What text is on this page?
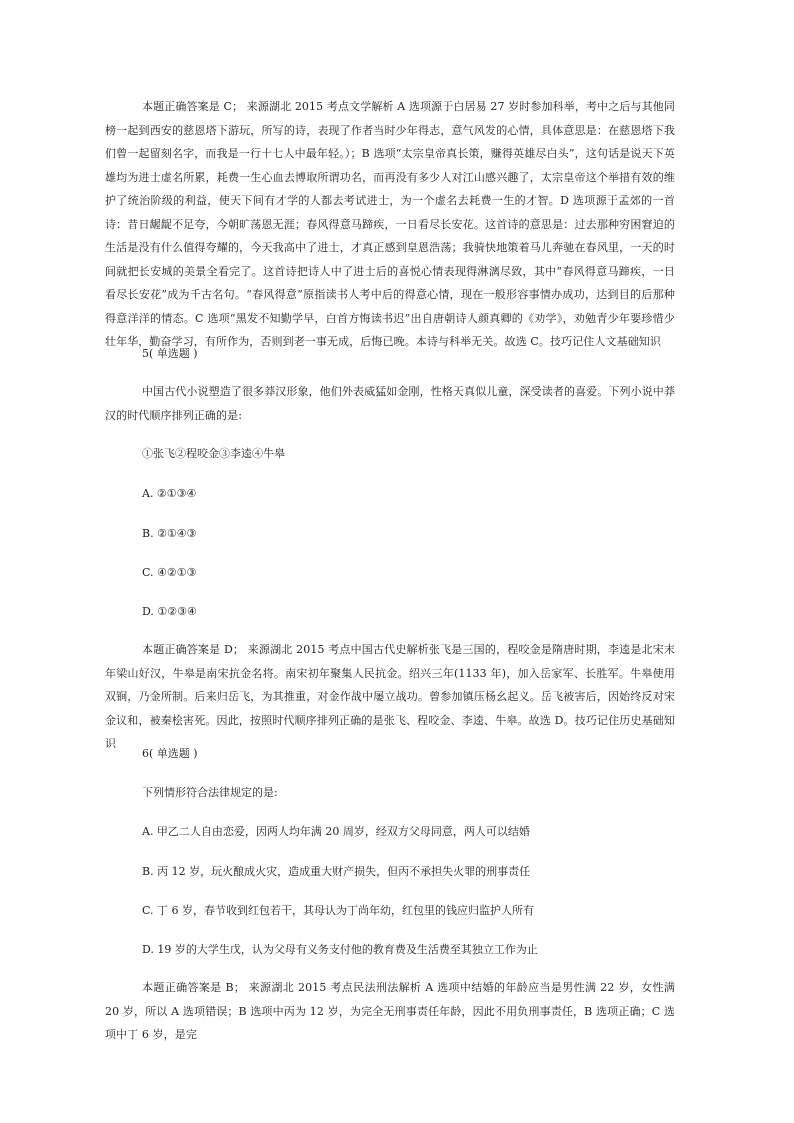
本题正确答案是 C； 来源湖北 2015 考点文学解析 A 选项源于白居易 27 岁时参加科举，考中之后与其他同榜一起到西安的慈恩塔下游玩，所写的诗，表现了作者当时少年得志，意气风发的心情，具体意思是：在慈恩塔下我们曾一起留刻名字，而我是一行十七人中最年轻。）；B 选项“太宗皇帝真长策，赚得英雄尽白头”，这句话是说天下英雄均为进士虚名所累，耗费一生心血去博取所谓功名，而再没有多少人对江山感兴趣了，太宗皇帝这个举措有效的维护了统治阶级的利益，使天下间有才学的人都去考试进士，为一个虚名去耗费一生的才智。D 选项源于孟郊的一首诗：昔日龌龊不足夸，今朝旷荡恩无涯；春风得意马蹄疾，一日看尽长安花。这首诗的意思是：过去那种穷困窘迫的生活是没有什么值得夸耀的，今天我高中了进士，才真正感到皇恩浩荡；我骑快地策着马儿奔驰在春风里，一天的时间就把长安城的美景全看完了。这首诗把诗人中了进士后的喜悦心情表现得淋漓尽致，其中“春风得意马蹄疾，一日看尽长安花”成为千古名句。“春风得意”原指读书人考中后的得意心情，现在一般形容事情办成功，达到目的后那种得意洋洋的情态。C 选项“黑发不知勤学早，白首方悔读书迟”出自唐朝诗人颜真卿的《劝学》，劝勉青少年要珍惜少壮年华，勤奋学习，有所作为，否则到老一事无成，后悔已晚。本诗与科举无关。故选 C。技巧记住人文基础知识

5( 单选题 )

中国古代小说塑造了很多莽汉形象，他们外表威猛如金刚，性格天真似儿童，深受读者的喜爱。下列小说中莽汉的时代顺序排列正确的是:

①张飞②程咬金③李逵④牛皋

A. ②①③④

B. ②①④③

C. ④②①③

D. ①②③④

本题正确答案是 D； 来源湖北 2015 考点中国古代史解析张飞是三国的，程咬金是隋唐时期，李逵是北宋末年梁山好汉，牛皋是南宋抗金名将。南宋初年聚集人民抗金。绍兴三年(1133 年)，加入岳家军、长胜军。牛皋使用双锏，乃金所制。后来归岳飞，为其推重，对金作战中屡立战功。曾参加镇压杨幺起义。岳飞被害后，因始终反对宋金议和，被秦桧害死。因此，按照时代顺序排列正确的是张飞、程咬金、李逵、牛皋。故选 D。技巧记住历史基础知识

6( 单选题 )

下列情形符合法律规定的是:

A. 甲乙二人自由恋爱，因两人均年满 20 周岁，经双方父母同意，两人可以结婚

B. 丙 12 岁，玩火酿成火灾，造成重大财产损失，但丙不承担失火罪的刑事责任

C. 丁 6 岁，春节收到红包若干，其母认为丁尚年幼，红包里的钱应归监护人所有

D. 19 岁的大学生戊，认为父母有义务支付他的教育费及生活费至其独立工作为止

本题正确答案是 B； 来源湖北 2015 考点民法刑法解析 A 选项中结婚的年龄应当是男性满 22 岁，女性满 20 岁，所以 A 选项错误；B 选项中丙为 12 岁，为完全无刑事责任年龄，因此不用负刑事责任，B 选项正确；C 选项中丁 6 岁，是完
